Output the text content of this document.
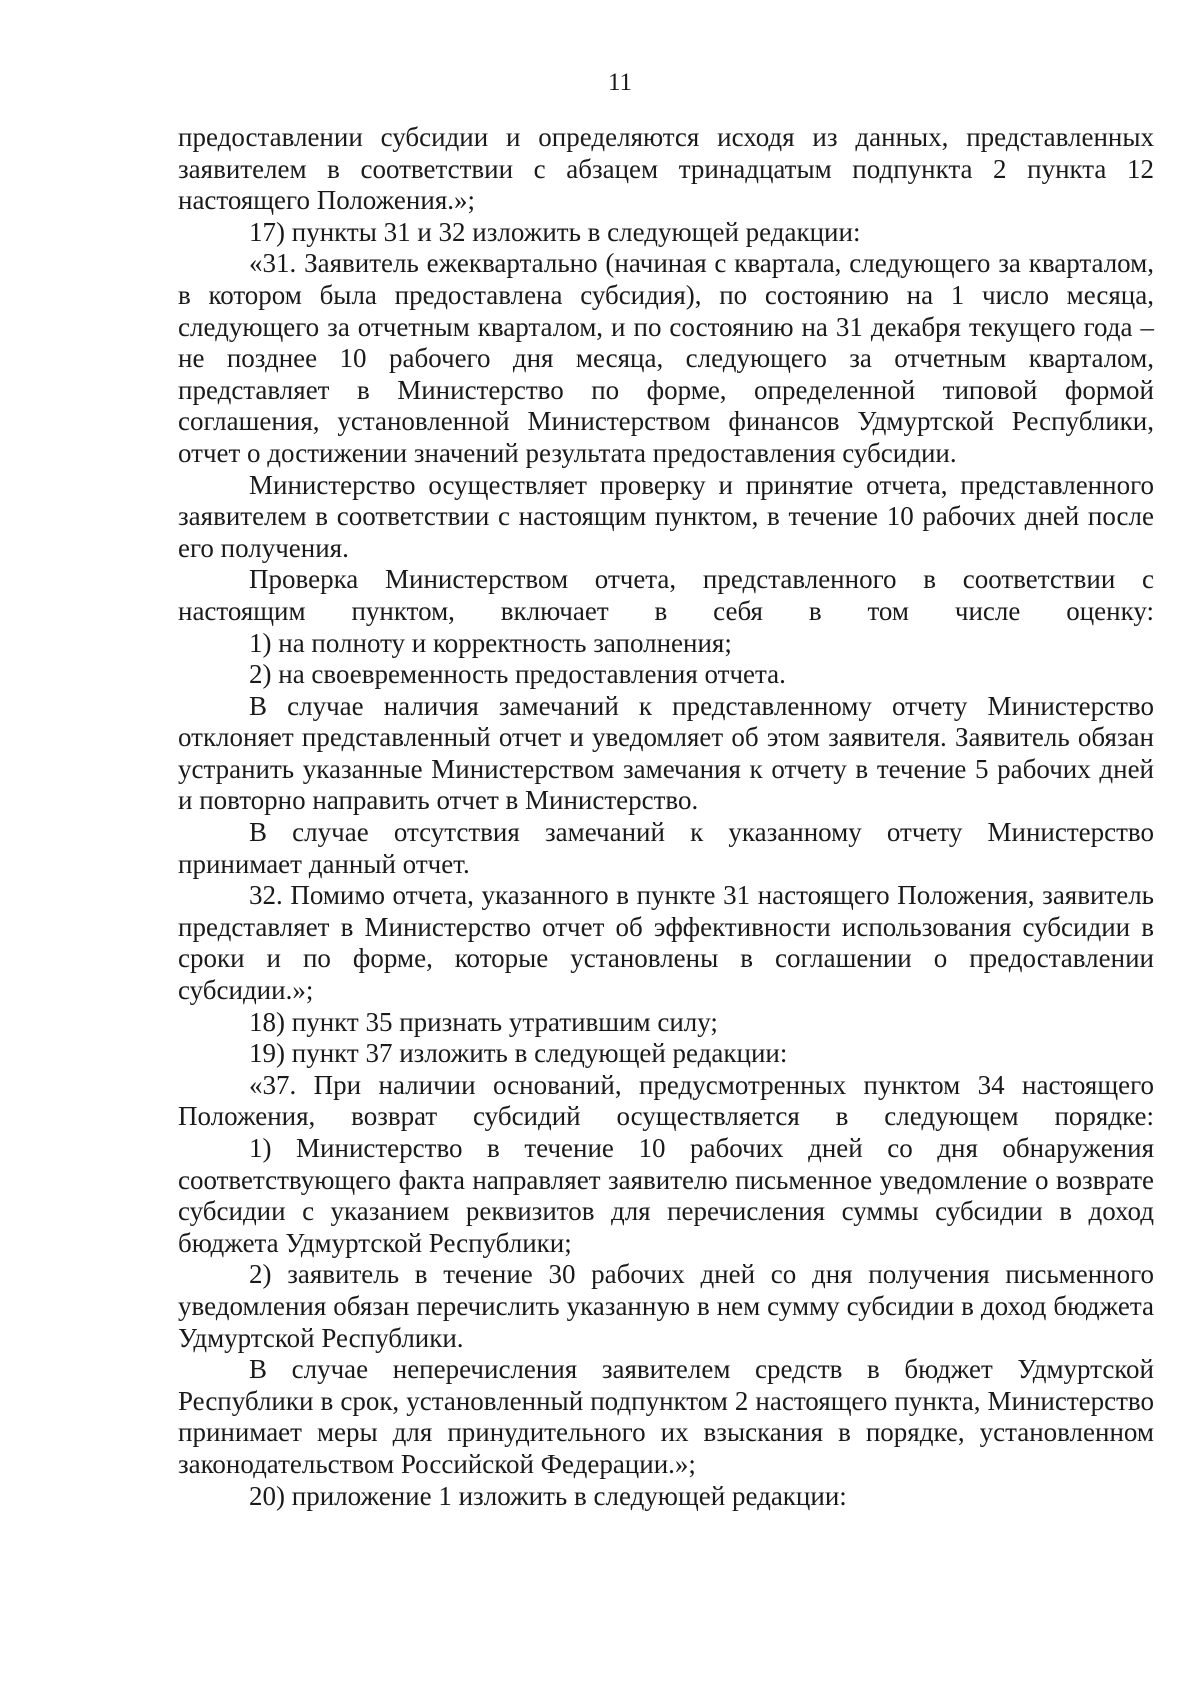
11

предоставлении субсидии и определяются исходя из данных, представленных заявителем в соответствии с абзацем тринадцатым подпункта 2 пункта 12 настоящего Положения.»;

17) пункты 31 и 32 изложить в следующей редакции:

«31. Заявитель ежеквартально (начиная с квартала, следующего за кварталом, в котором была предоставлена субсидия), по состоянию на 1 число месяца, следующего за отчетным кварталом, и по состоянию на 31 декабря текущего года – не позднее 10 рабочего дня месяца, следующего за отчетным кварталом, представляет в Министерство по форме, определенной типовой формой соглашения, установленной Министерством финансов Удмуртской Республики, отчет о достижении значений результата предоставления субсидии.

Министерство осуществляет проверку и принятие отчета, представленного заявителем в соответствии с настоящим пунктом, в течение 10 рабочих дней после его получения.

Проверка Министерством отчета, представленного в соответствии с настоящим пунктом, включает в себя в том числе оценку:

1) на полноту и корректность заполнения;

2) на своевременность предоставления отчета.

В случае наличия замечаний к представленному отчету Министерство отклоняет представленный отчет и уведомляет об этом заявителя. Заявитель обязан устранить указанные Министерством замечания к отчету в течение 5 рабочих дней и повторно направить отчет в Министерство.

В случае отсутствия замечаний к указанному отчету Министерство принимает данный отчет.

32. Помимо отчета, указанного в пункте 31 настоящего Положения, заявитель представляет в Министерство отчет об эффективности использования субсидии в сроки и по форме, которые установлены в соглашении о предоставлении субсидии.»;

18) пункт 35 признать утратившим силу;

19) пункт 37 изложить в следующей редакции:

«37. При наличии оснований, предусмотренных пунктом 34 настоящего Положения, возврат субсидий осуществляется в следующем порядке:

1) Министерство в течение 10 рабочих дней со дня обнаружения соответствующего факта направляет заявителю письменное уведомление о возврате субсидии с указанием реквизитов для перечисления суммы субсидии в доход бюджета Удмуртской Республики;

2) заявитель в течение 30 рабочих дней со дня получения письменного уведомления обязан перечислить указанную в нем сумму субсидии в доход бюджета Удмуртской Республики.

В случае неперечисления заявителем средств в бюджет Удмуртской Республики в срок, установленный подпунктом 2 настоящего пункта, Министерство принимает меры для принудительного их взыскания в порядке, установленном законодательством Российской Федерации.»;

20) приложение 1 изложить в следующей редакции:
